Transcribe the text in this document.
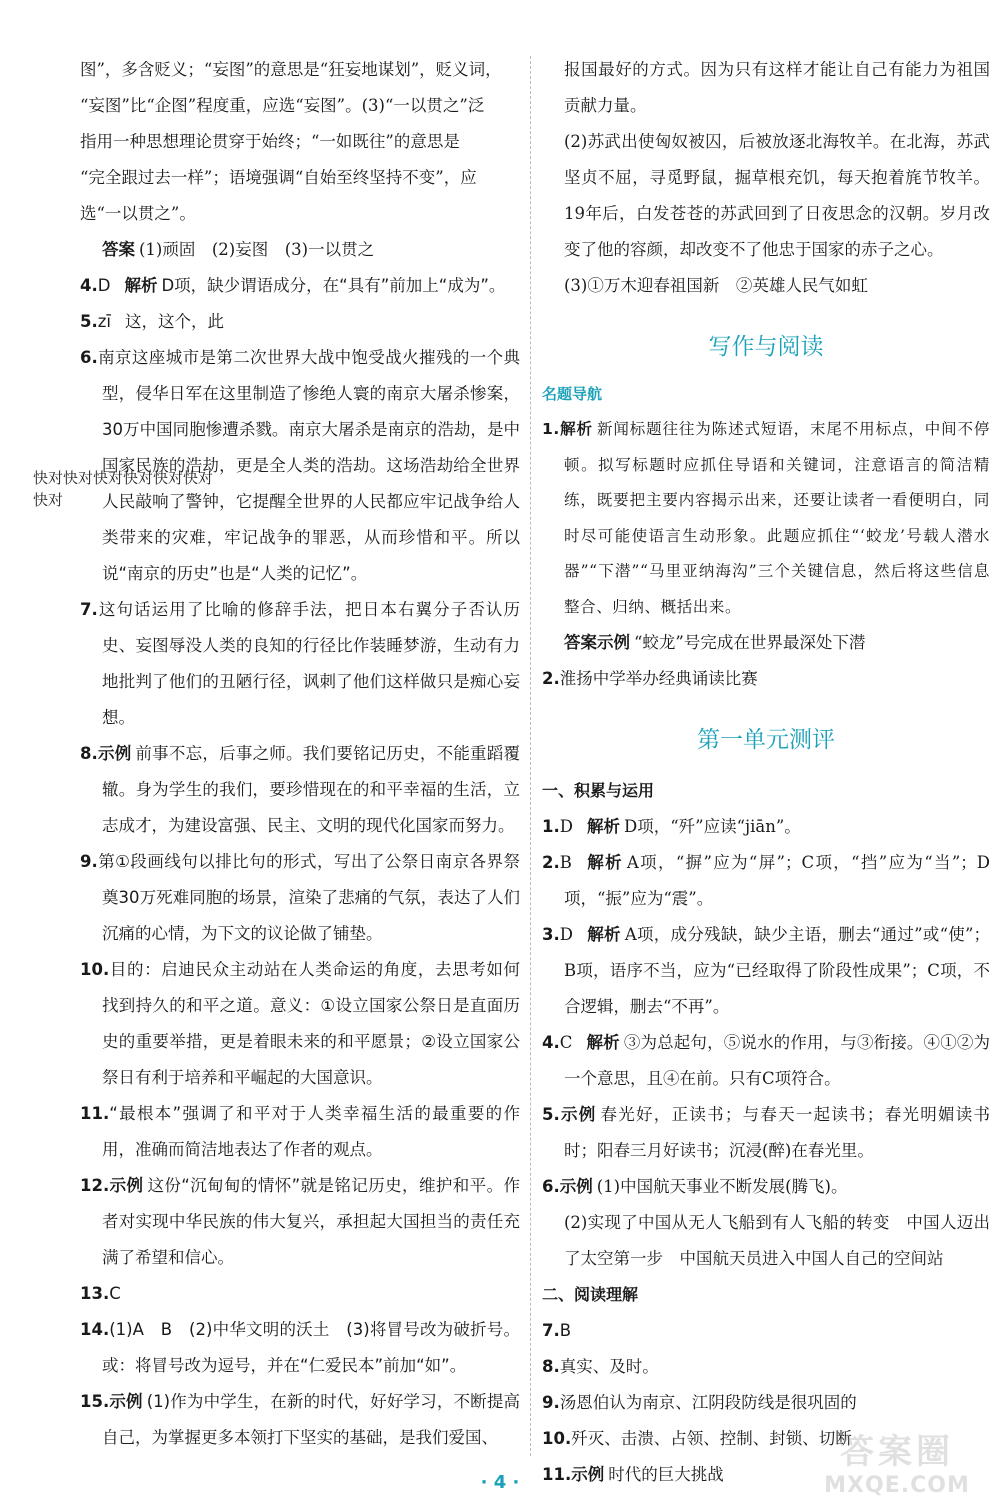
图”，多含贬义；“妄图”的意思是“狂妄地谋划”，贬义词，

“妄图”比“企图”程度重，应选“妄图”。(3)“一以贯之”泛

指用一种思想理论贯穿于始终；“一如既往”的意思是

“完全跟过去一样”；语境强调“自始至终坚持不变”，应

选“一以贯之”。

答案 (1)顽固　(2)妄图　(3)一以贯之

4.D 解析 D项，缺少谓语成分，在“具有”前加上“成为”。

5.zī 这，这个，此

6.南京这座城市是第二次世界大战中饱受战火摧残的一个典型，侵华日军在这里制造了惨绝人寰的南京大屠杀惨案，30万中国同胞惨遭杀戮。南京大屠杀是南京的浩劫，是中国家民族的浩劫，更是全人类的浩劫。这场浩劫给全世界人民敲响了警钟，它提醒全世界的人民都应牢记战争给人类带来的灾难，牢记战争的罪恶，从而珍惜和平。所以说“南京的历史”也是“人类的记忆”。

7.这句话运用了比喻的修辞手法，把日本右翼分子否认历史、妄图辱没人类的良知的行径比作装睡梦游，生动有力地批判了他们的丑陋行径，讽刺了他们这样做只是痴心妄想。

8.示例 前事不忘，后事之师。我们要铭记历史，不能重蹈覆辙。身为学生的我们，要珍惜现在的和平幸福的生活，立志成才，为建设富强、民主、文明的现代化国家而努力。

9.第①段画线句以排比句的形式，写出了公祭日南京各界祭奠30万死难同胞的场景，渲染了悲痛的气氛，表达了人们沉痛的心情，为下文的议论做了铺垫。

10.目的：启迪民众主动站在人类命运的角度，去思考如何找到持久的和平之道。意义：①设立国家公祭日是直面历史的重要举措，更是着眼未来的和平愿景；②设立国家公祭日有利于培养和平崛起的大国意识。

11.“最根本”强调了和平对于人类幸福生活的最重要的作用，准确而简洁地表达了作者的观点。

12.示例 这份“沉甸甸的情怀”就是铭记历史，维护和平。作者对实现中华民族的伟大复兴，承担起大国担当的责任充满了希望和信心。

13.C

14.(1)A　B　(2)中华文明的沃土　(3)将冒号改为破折号。或：将冒号改为逗号，并在“仁爱民本”前加“如”。

15.示例 (1)作为中学生，在新的时代，好好学习，不断提高自己，为掌握更多本领打下坚实的基础，是我们爱国、

快对快对快对快对快对快对快对

报国最好的方式。因为只有这样才能让自己有能力为祖国贡献力量。

(2)苏武出使匈奴被囚，后被放逐北海牧羊。在北海，苏武坚贞不屈，寻觅野鼠，掘草根充饥，每天抱着旄节牧羊。19年后，白发苍苍的苏武回到了日夜思念的汉朝。岁月改变了他的容颜，却改变不了他忠于国家的赤子之心。

(3)①万木迎春祖国新　②英雄人民气如虹

写作与阅读
名题导航

1.解析 新闻标题往往为陈述式短语，末尾不用标点，中间不停顿。拟写标题时应抓住导语和关键词，注意语言的简洁精练，既要把主要内容揭示出来，还要让读者一看便明白，同时尽可能使语言生动形象。此题应抓住“‘蛟龙’号载人潜水器”“下潜”“马里亚纳海沟”三个关键信息，然后将这些信息整合、归纳、概括出来。

答案示例 “蛟龙”号完成在世界最深处下潜

2.淮扬中学举办经典诵读比赛

第一单元测评

一、积累与运用

1.D 解析 D项，“歼”应读“jiān”。

2.B 解析 A项，“摒”应为“屏”；C项，“挡”应为“当”；D项，“振”应为“震”。

3.D 解析 A项，成分残缺，缺少主语，删去“通过”或“使”；B项，语序不当，应为“已经取得了阶段性成果”；C项，不合逻辑，删去“不再”。

4.C 解析 ③为总起句，⑤说水的作用，与③衔接。④①②为一个意思，且④在前。只有C项符合。

5.示例 春光好，正读书；与春天一起读书；春光明媚读书时；阳春三月好读书；沉浸(醉)在春光里。

6.示例 (1)中国航天事业不断发展(腾飞)。

(2)实现了中国从无人飞船到有人飞船的转变　中国人迈出了太空第一步　中国航天员进入中国人自己的空间站

二、阅读理解

7.B

8.真实、及时。

9.汤恩伯认为南京、江阴段防线是很巩固的

10.歼灭、击溃、占领、控制、封锁、切断

11.示例 时代的巨大挑战

· 4 ·
答案圈
MXQE.COM
